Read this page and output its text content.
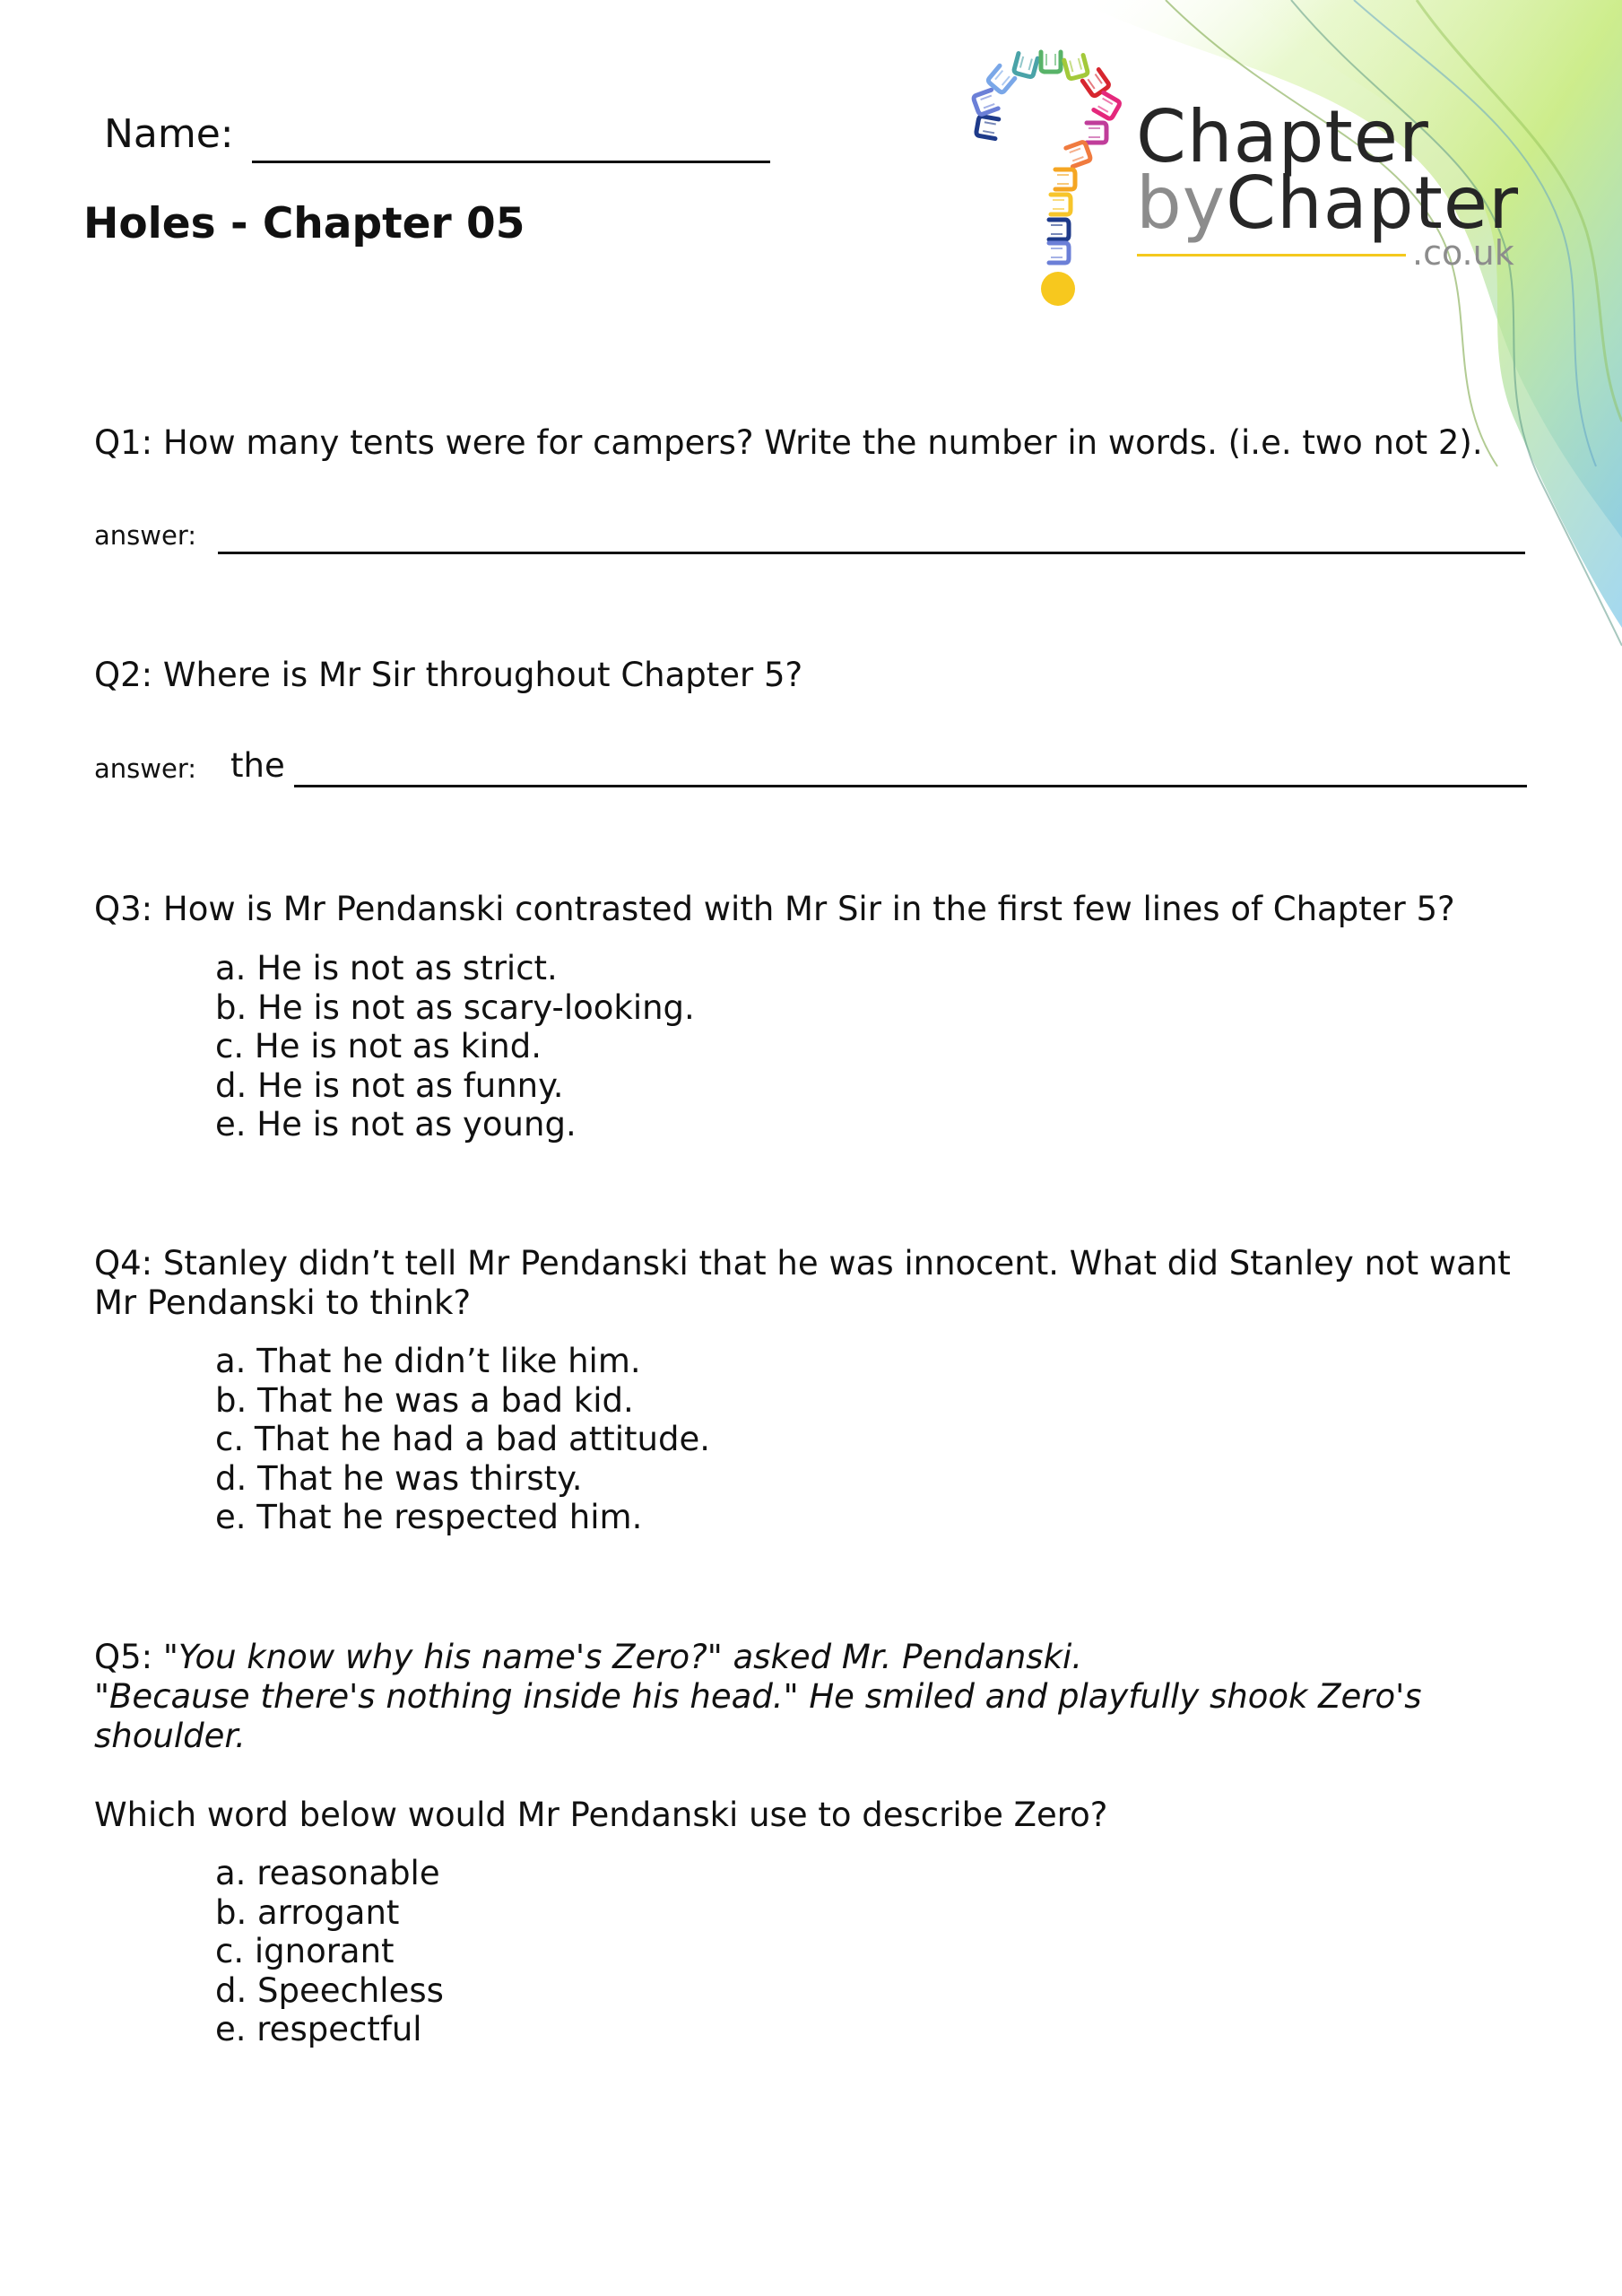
Chapter
byChapter
.co.uk
Name:
Holes - Chapter 05

Q1: How many tents were for campers? Write the number in words. (i.e. two not 2).

answer:

Q2: Where is Mr Sir throughout Chapter 5?

answer: the

Q3: How is Mr Pendanski contrasted with Mr Sir in the first few lines of Chapter 5?

a. He is not as strict.
b. He is not as scary-looking.
c. He is not as kind.
d. He is not as funny.
e. He is not as young.

Q4: Stanley didn’t tell Mr Pendanski that he was innocent. What did Stanley not want Mr Pendanski to think?

a. That he didn’t like him.
b. That he was a bad kid.
c. That he had a bad attitude.
d. That he was thirsty.
e. That he respected him.

Q5: "You know why his name's Zero?" asked Mr. Pendanski.
"Because there's nothing inside his head." He smiled and playfully shook Zero's shoulder.

Which word below would Mr Pendanski use to describe Zero?

a. reasonable
b. arrogant
c. ignorant
d. Speechless
e. respectful
